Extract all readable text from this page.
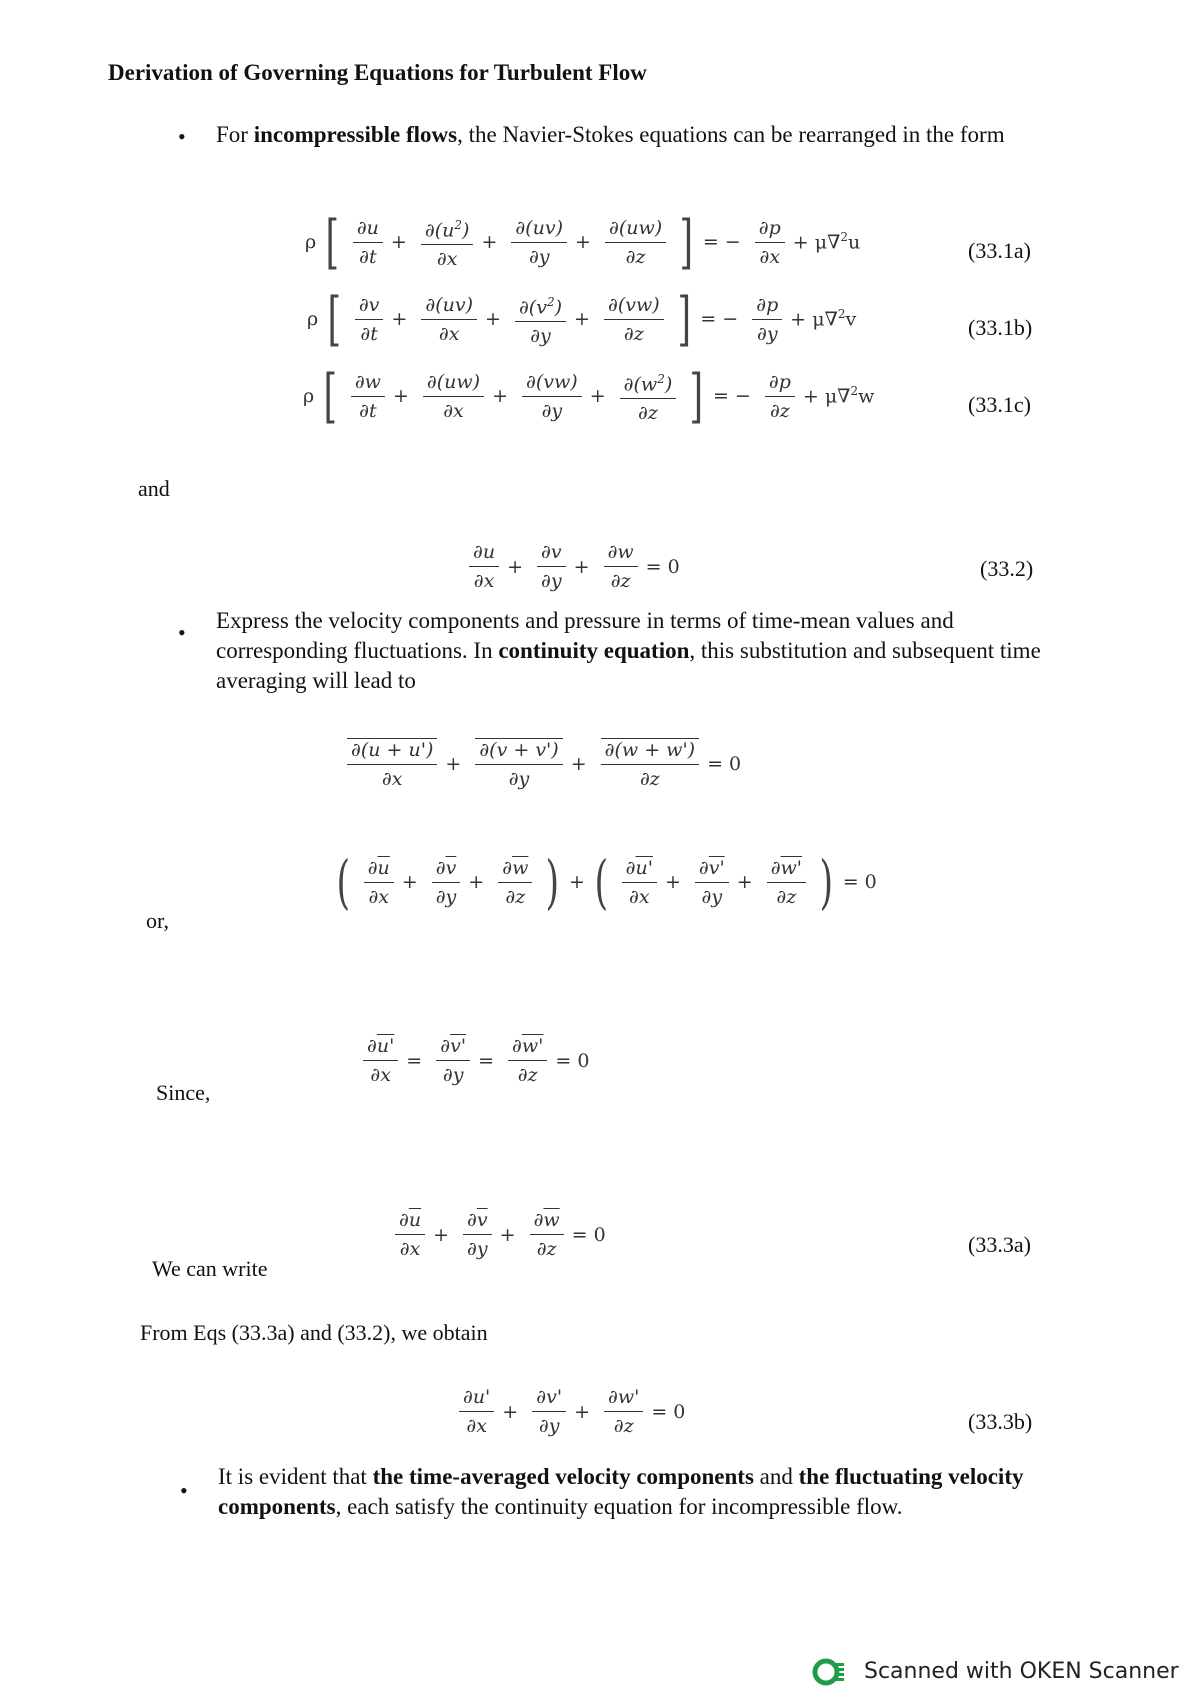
Derivation of Governing Equations for Turbulent Flow
• For incompressible flows, the Navier-Stokes equations can be rearranged in the form
ρ [ $\frac{\partial u}{\partial t} + \frac{\partial(u^2)}{\partial x} + \frac{\partial(uv)}{\partial y} + \frac{\partial(uw)}{\partial z}$ ] = − $\frac{\partial p}{\partial x} + \mu\nabla^2u$	(33.1a)
ρ [ $\frac{\partial v}{\partial t} + \frac{\partial(uv)}{\partial x} + \frac{\partial(v^2)}{\partial y} + \frac{\partial(vw)}{\partial z}$ ] = − $\frac{\partial p}{\partial y} + \mu\nabla^2v$	(33.1b)
ρ [ $\frac{\partial w}{\partial t} + \frac{\partial(uw)}{\partial x} + \frac{\partial(vw)}{\partial y} + \frac{\partial(w^2)}{\partial z}$ ] = − $\frac{\partial p}{\partial z} + \mu\nabla^2w$	(33.1c)
and
$\frac{\partial u}{\partial x} + \frac{\partial v}{\partial y} + \frac{\partial w}{\partial z} = 0$	(33.2)
• Express the velocity components and pressure in terms of time-mean values and corresponding fluctuations. In continuity equation, this substitution and subsequent time averaging will lead to
$\frac{\partial(\overline{u} + u')}{\partial x} + \frac{\partial(\overline{v} + v')}{\partial y} + \frac{\partial(\overline{w} + w')}{\partial z} = 0$
or,
( $\frac{\partial\overline{u}}{\partial x} + \frac{\partial\overline{v}}{\partial y} + \frac{\partial\overline{w}}{\partial z}$ ) + ( $\frac{\partial u'}{\partial x} + \frac{\partial v'}{\partial y} + \frac{\partial w'}{\partial z}$ ) = 0
Since,
$\frac{\partial u'}{\partial x} = \frac{\partial v'}{\partial y} = \frac{\partial w'}{\partial z} = 0$
We can write
$\frac{\partial\overline{u}}{\partial x} + \frac{\partial\overline{v}}{\partial y} + \frac{\partial\overline{w}}{\partial z} = 0$	(33.3a)
From Eqs (33.3a) and (33.2), we obtain
$\frac{\partial u'}{\partial x} + \frac{\partial v'}{\partial y} + \frac{\partial w'}{\partial z} = 0$	(33.3b)
•
It is evident that the time-averaged velocity components and the fluctuating velocity components, each satisfy the continuity equation for incompressible flow.
Scanned with OKEN Scanner
